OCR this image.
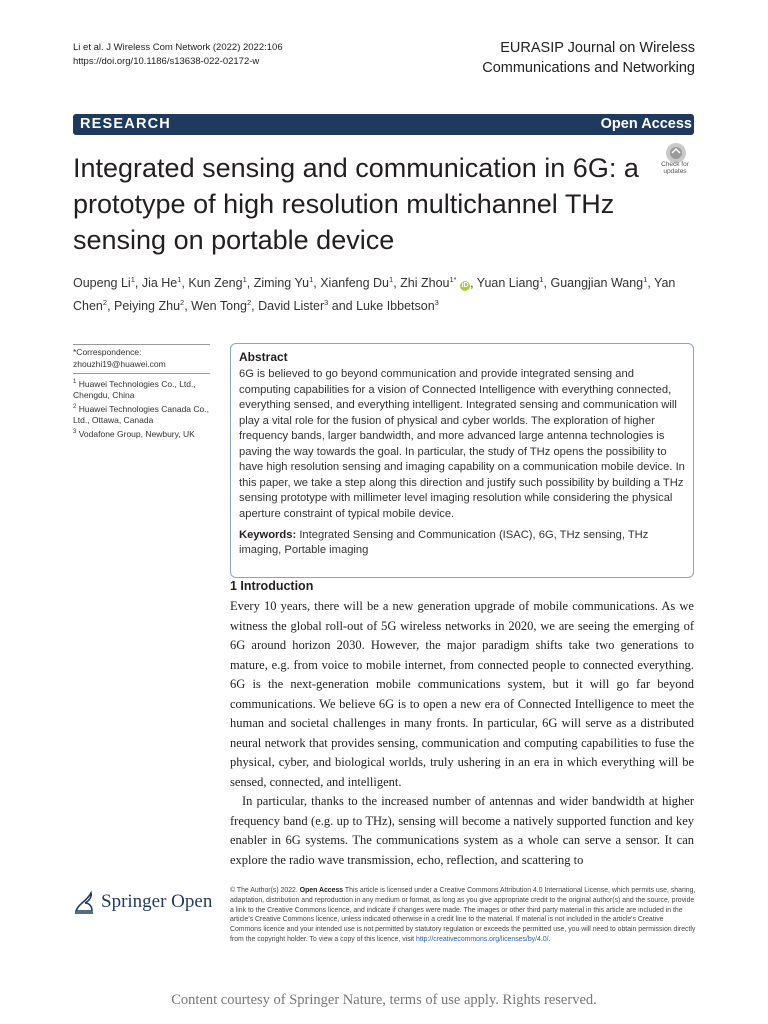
Li et al. J Wireless Com Network (2022) 2022:106
https://doi.org/10.1186/s13638-022-02172-w
EURASIP Journal on Wireless
Communications and Networking
RESEARCH	Open Access
Integrated sensing and communication in 6G: a prototype of high resolution multichannel THz sensing on portable device
Check for
updates
Oupeng Li$^1$, Jia He$^1$, Kun Zeng$^1$, Ziming Yu$^1$, Xianfeng Du$^1$, Zhi Zhou$^{1*}$ iD , Yuan Liang$^1$, Guangjian Wang$^1$, Yan Chen$^2$, Peiying Zhu$^2$, Wen Tong$^2$, David Lister$^3$ and Luke Ibbetson$^3$
*Correspondence:
zhouzhi19@huawei.com
$^1$ Huawei Technologies Co., Ltd., Chengdu, China
$^2$ Huawei Technologies Canada Co., Ltd., Ottawa, Canada
$^3$ Vodafone Group, Newbury, UK
Abstract
6G is believed to go beyond communication and provide integrated sensing and computing capabilities for a vision of Connected Intelligence with everything connected, everything sensed, and everything intelligent. Integrated sensing and communication will play a vital role for the fusion of physical and cyber worlds. The exploration of higher frequency bands, larger bandwidth, and more advanced large antenna technologies is paving the way towards the goal. In particular, the study of THz opens the possibility to have high resolution sensing and imaging capability on a communication mobile device. In this paper, we take a step along this direction and justify such possibility by building a THz sensing prototype with millimeter level imaging resolution while considering the physical aperture constraint of typical mobile device.
Keywords: Integrated Sensing and Communication (ISAC), 6G, THz sensing, THz imaging, Portable imaging
1 Introduction

Every 10 years, there will be a new generation upgrade of mobile communications. As we witness the global roll-out of 5G wireless networks in 2020, we are seeing the emerging of 6G around horizon 2030. However, the major paradigm shifts take two generations to mature, e.g. from voice to mobile internet, from connected people to connected everything. 6G is the next-generation mobile communications system, but it will go far beyond communications. We believe 6G is to open a new era of Connected Intelligence to meet the human and societal challenges in many fronts. In particular, 6G will serve as a distributed neural network that provides sensing, communication and computing capabilities to fuse the physical, cyber, and biological worlds, truly ushering in an era in which everything will be sensed, connected, and intelligent.

In particular, thanks to the increased number of antennas and wider bandwidth at higher frequency band (e.g. up to THz), sensing will become a natively supported function and key enabler in 6G systems. The communications system as a whole can serve a sensor. It can explore the radio wave transmission, echo, reflection, and scattering to

Springer Open
© The Author(s) 2022. Open Access This article is licensed under a Creative Commons Attribution 4.0 International License, which permits use, sharing, adaptation, distribution and reproduction in any medium or format, as long as you give appropriate credit to the original author(s) and the source, provide a link to the Creative Commons licence, and indicate if changes were made. The images or other third party material in this article are included in the article's Creative Commons licence, unless indicated otherwise in a credit line to the material. If material is not included in the article's Creative Commons licence and your intended use is not permitted by statutory regulation or exceeds the permitted use, you will need to obtain permission directly from the copyright holder. To view a copy of this licence, visit http://creativecommons.org/licenses/by/4.0/.
Content courtesy of Springer Nature, terms of use apply. Rights reserved.
